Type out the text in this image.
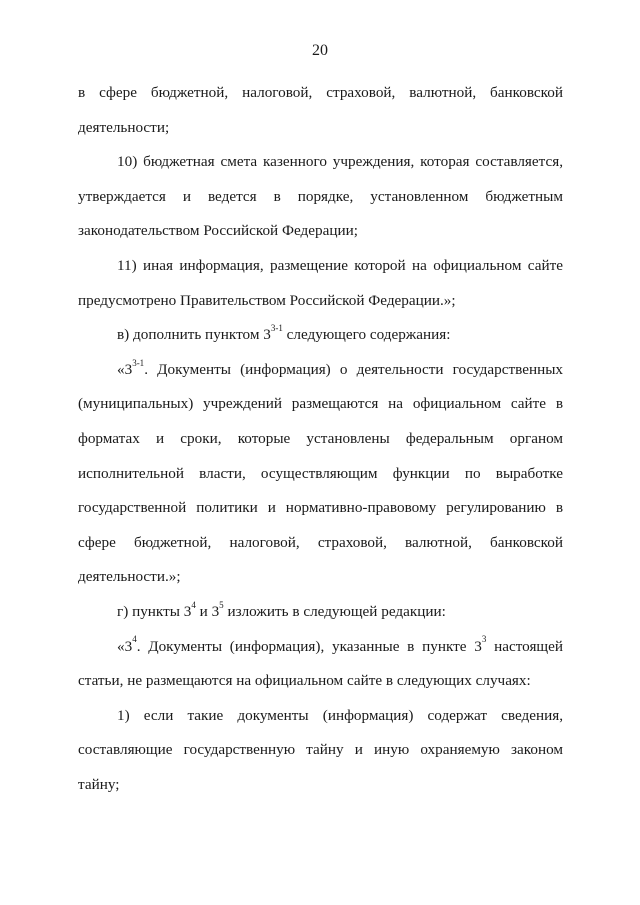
20

в сфере бюджетной, налоговой, страховой, валютной, банковской деятельности;

10) бюджетная смета казенного учреждения, которая составляется, утверждается и ведется в порядке, установленном бюджетным законодательством Российской Федерации;

11) иная информация, размещение которой на официальном сайте предусмотрено Правительством Российской Федерации.»;

в) дополнить пунктом 3$^{3-1}$ следующего содержания:

«3$^{3-1}$. Документы (информация) о деятельности государственных (муниципальных) учреждений размещаются на официальном сайте в форматах и сроки, которые установлены федеральным органом исполнительной власти, осуществляющим функции по выработке государственной политики и нормативно-правовому регулированию в сфере бюджетной, налоговой, страховой, валютной, банковской деятельности.»;

г) пункты $3^4$ и $3^5$ изложить в следующей редакции:

«$3^4$. Документы (информация), указанные в пункте $3^3$ настоящей статьи, не размещаются на официальном сайте в следующих случаях:

1) если такие документы (информация) содержат сведения, составляющие государственную тайну и иную охраняемую законом тайну;
